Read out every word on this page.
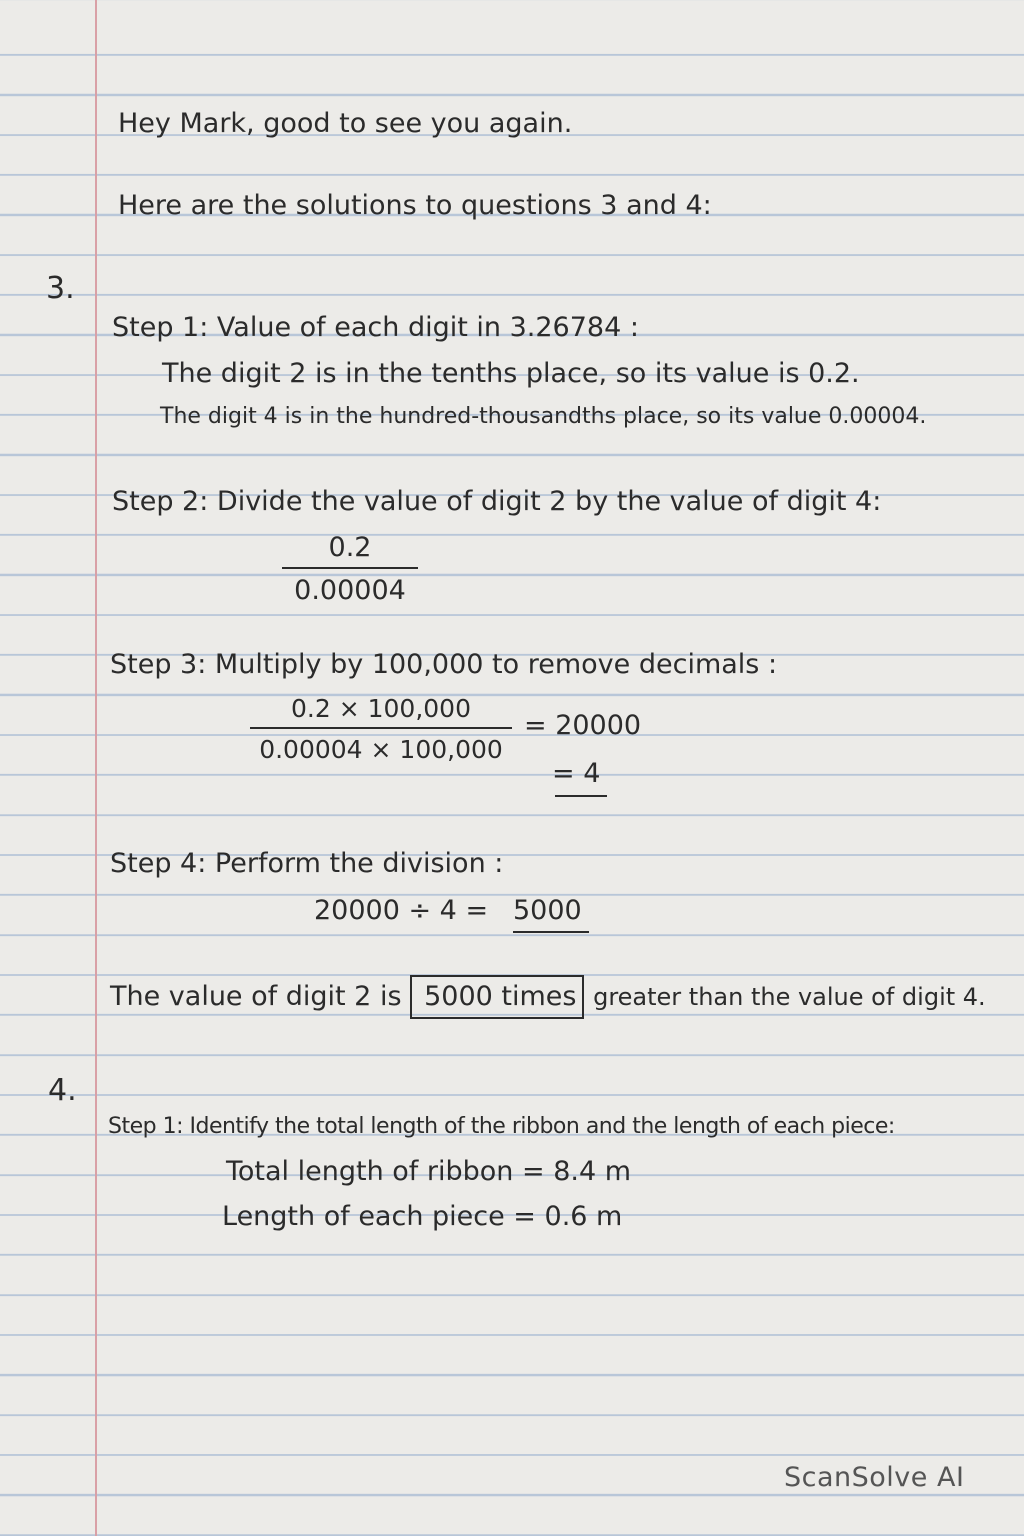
Hey Mark, good to see you again.
Here are the solutions to questions 3 and 4:
3.
Step 1: Value of each digit in 3.26784 :
The digit 2 is in the tenths place, so its value is 0.2.
The digit 4 is in the hundred-thousandths place, so its value 0.00004.
Step 2: Divide the value of digit 2 by the value of digit 4:
$\frac{0.2}{0.00004}$
Step 3: Multiply by 100,000 to remove decimals :
$\frac{0.2 \times 100,000}{0.00004 \times 100,000} = 20000$
= 4
Step 4: Perform the division :
20000 ÷ 4 = 5000
The value of digit 2 is 5000 times greater than the value of digit 4.
4.
Step 1: Identify the total length of the ribbon and the length of each piece:
Total length of ribbon = 8.4 m
Length of each piece = 0.6 m
ScanSolve AI
